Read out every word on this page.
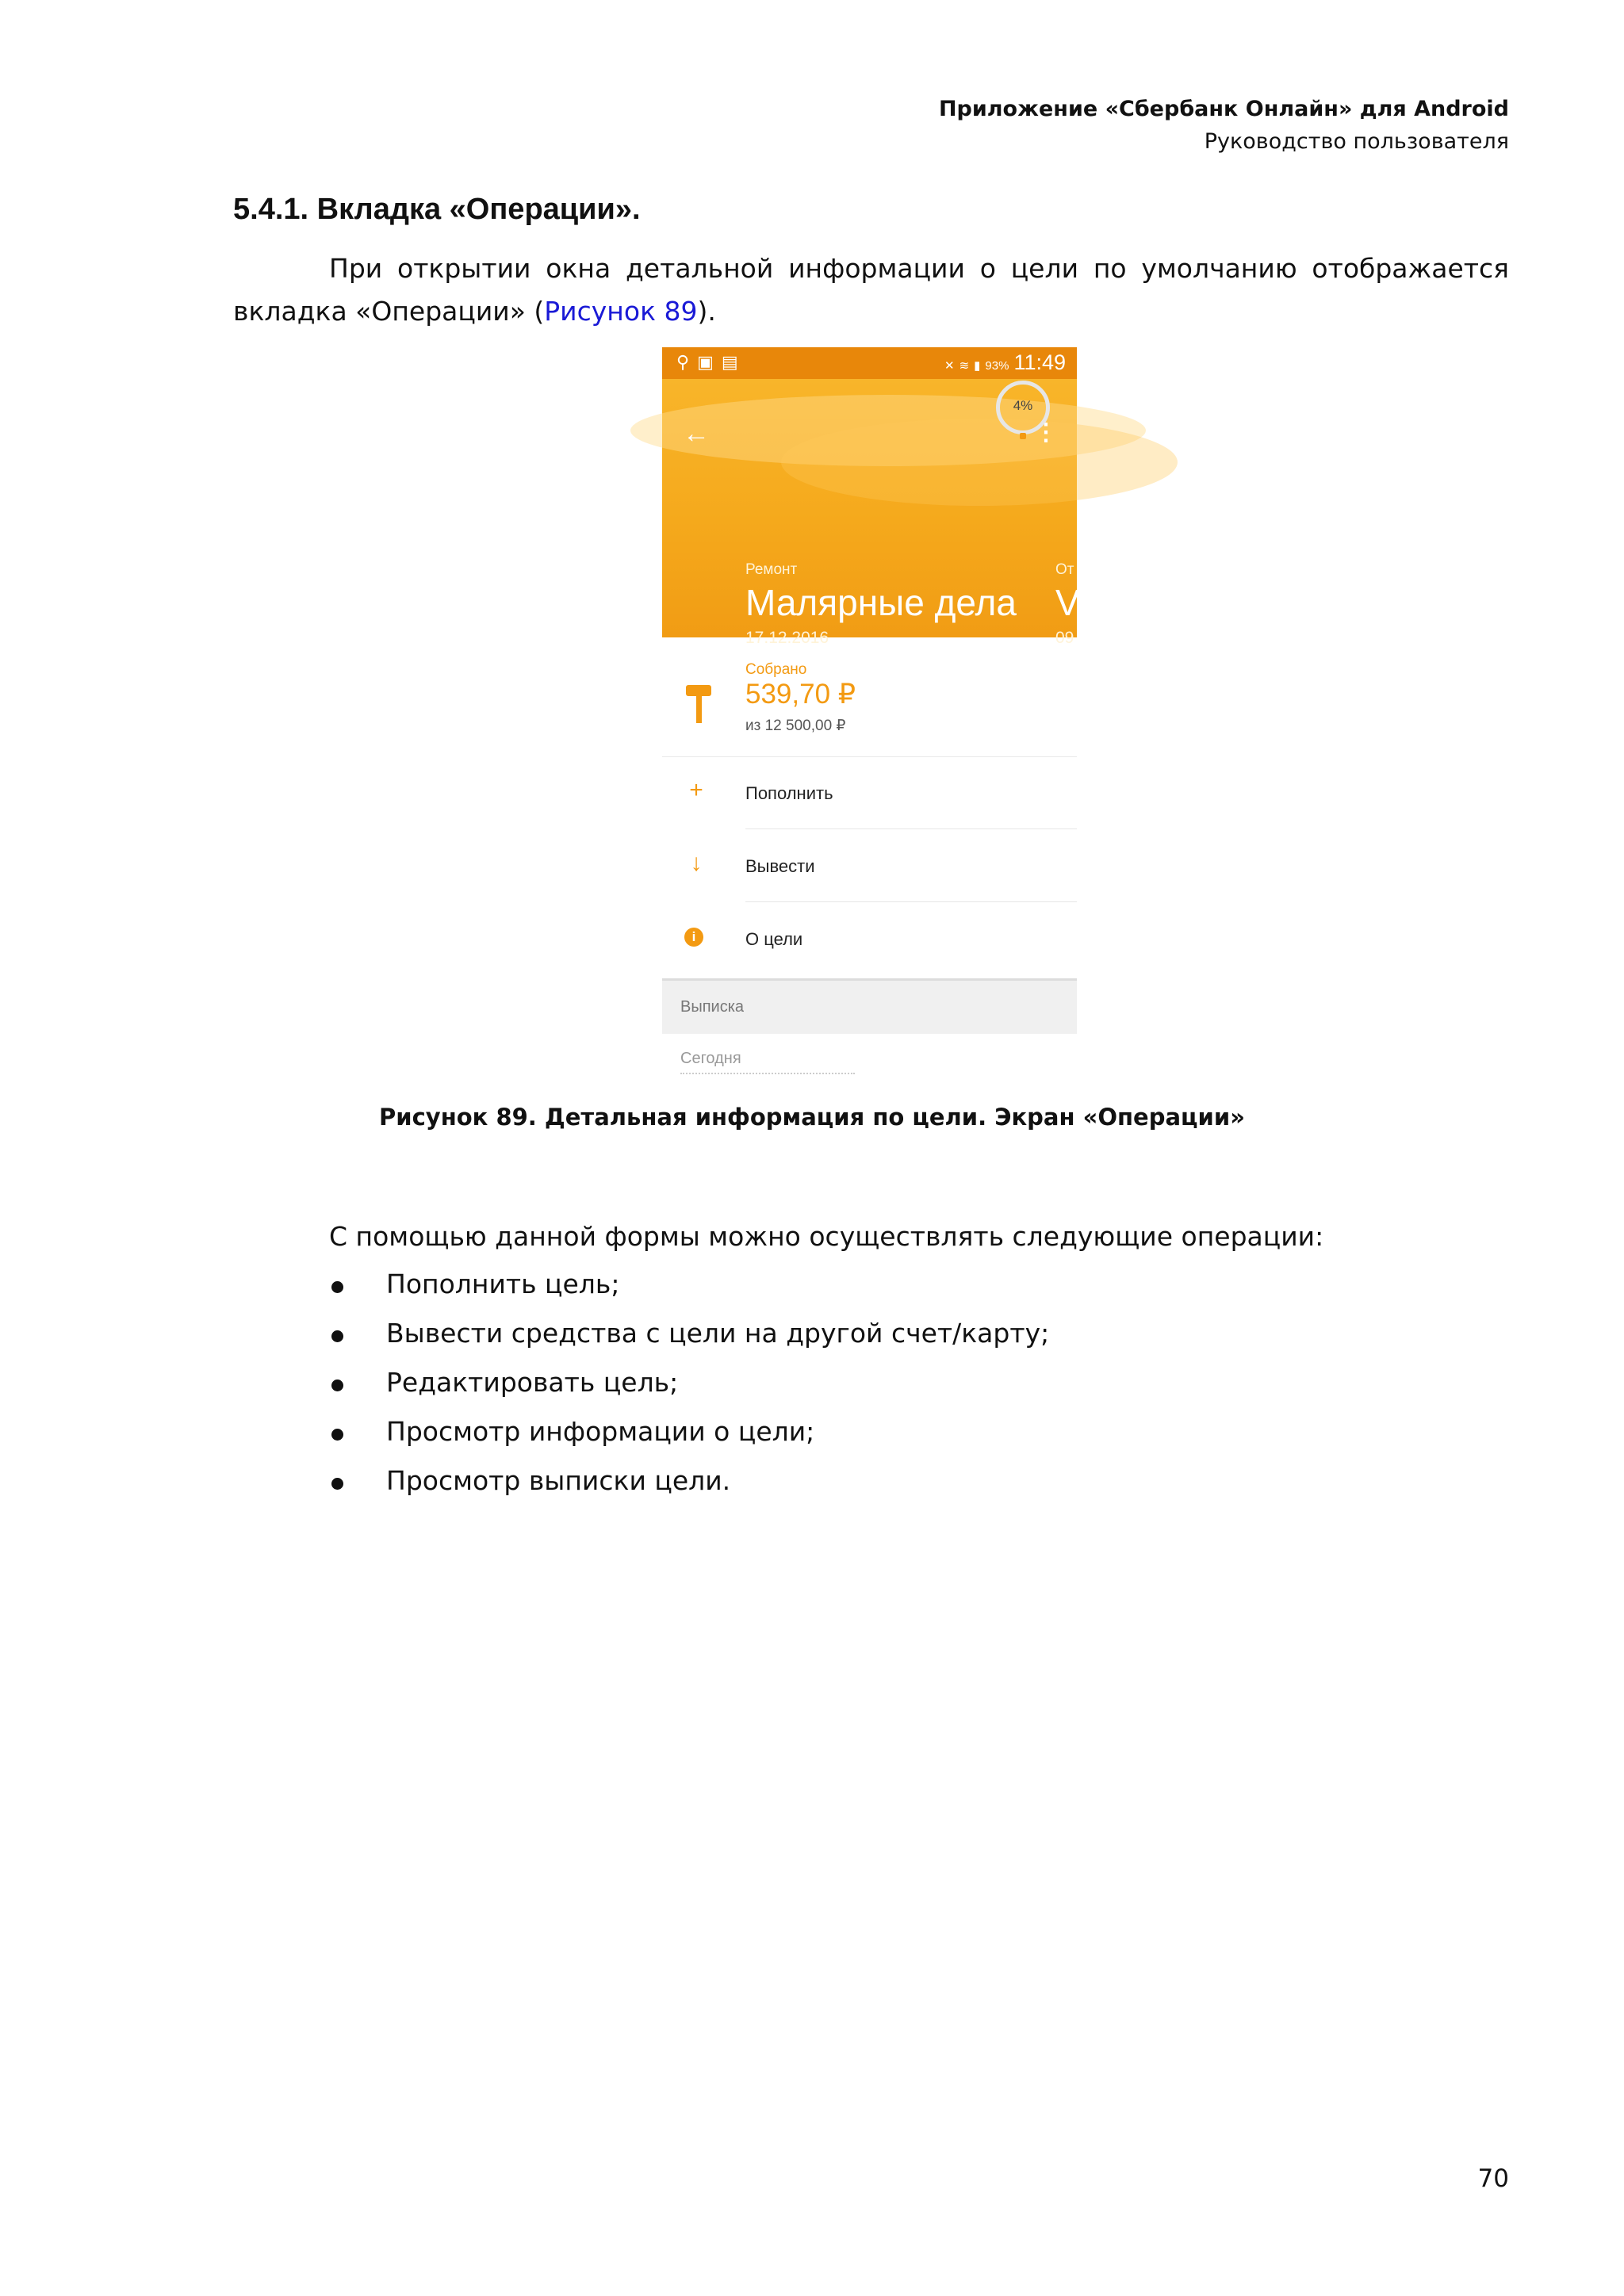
Приложение «Сбербанк Онлайн» для Android
Руководство пользователя
5.4.1. Вкладка «Операции».
При открытии окна детальной информации о цели по умолчанию отображается вкладка «Операции» (Рисунок 89).
⚲▣▤	✕ ≋ ▮ 93% 11:49
←	⋮
Ремонт
Малярные дела
17.12.2016
От
V
09
Собрано
539,70 ₽
из 12 500,00 ₽
4%
+ Пополнить
↓	Вывести
i	О цели
Выписка
Сегодня
Рисунок 89. Детальная информация по цели. Экран «Операции»
С помощью данной формы можно осуществлять следующие операции:
Пополнить цель;
Вывести средства с цели на другой счет/карту;
Редактировать цель;
Просмотр информации о цели;
Просмотр выписки цели.
70
